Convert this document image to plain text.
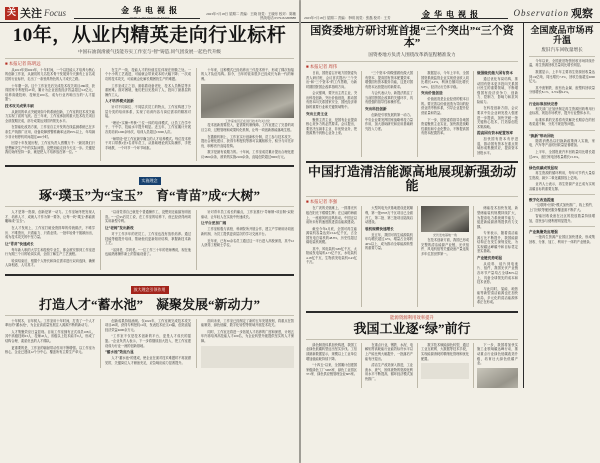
关 关注 Focus	2023年7月18日 星期二 责编：王晓 视觉：王晓东 校对：陈敏 热线电话 0579-82268888
金 华 电 视 报
JINHUA TELEVISION NEWS
10年，从业内精英走向行业标杆
中国石油润滑液气技能夯实工作室与“智”铸造,同气团发展一起色代升级
■ 本报记者 陈明远

从2013年到2023年，十年时间，一个以技能人才培养为核心的创新工作室，从最初的几名技术骨干发展到今天拥有上百名成员的行业标杆，走出了一条独具特色的人才成长之路。

十年磨一剑。这个工作室先后完成技术攻关项目286项，获得国家专利授权47项，累计为企业创造经济效益超过3.2亿元，培养高级技师、技师近200名，成为行业内响当当的“人才摇篮”。

技术攻关成果丰硕

从最初的单点突破到如今的系统创新，工作室的技术攻关能力实现了质的飞跃。近三年来，工作室承担的重大技术攻关项目全部按期完成，部分成果达到国内领先水平。

在智能化改造方面，工作室自主开发的在线监测系统已在多条生产线推广应用，设备故障预警准确率达到95%以上，年均减少非计划停机时间超过400小时。

回望十年发展历程，工作室负责人感慨万千：“最初我们只是想解决生产中的实际问题，没想到能走到今天这一步。关键是我们始终坚持一条，就是把人才培养放在第一位。”

在生产一线，技能人才的价值往往体现在细微之处。一个小小的工艺改进，可能就会带来成本的大幅下降；一次成功的技术攻关，可能就会化解长期困扰生产的难题。

工作室成立之初，面临着设备老化、技术人员断层等多重困难。面对困境，他们把目光投向了人，投向了最基层的操作工人。

人才培养模式创新

针对不同岗位、不同层次员工的特点，工作室构建了分层分类的培训体系，实现了培训内容与岗位需求的精准对接。

“理论+实操+考核”三位一体的培训模式，让员工在学中干、干中学，技能水平提升明显。近五年，工作室累计开展各类培训1200余场次，培训人员超过15000人次。

“师带徒”是工作室最早确立的人才培养模式。每位技术骨干对口带教2至3名青年员工，从基础理论到实际操作，手把手地教，一个环节一个环节地抠。

十年来，这种模式已经培养出三代技术骨干，形成了梯次衔接的人才队伍结构。如今，当年的徒弟很多已经成长为新一代的师傅。

工作室成员正在进行技术攻关讨论

技术创新需要投入，更需要机制保障。工作室建立了完善的项目立项、过程管理和成果转化机制，让每一项创新都能落地生根。

在激励机制上，工作室实行创新积分制，员工参与技术攻关、提出合理化建议、获得专利授权等都可以累积积分，积分与评先评优、职称晋升直接挂钩。

数字是最有说服力的。十年间，工作室成员累计提出合理化建议3800余条，被采纳实施2100余条，直接创效超过8000万元。

实施理念
琢“璞玉”为“宝玉”　育“青苗”成“大树”

人才是第一资源，创新是第一动力。工作室始终把发现人才、培养人才、成就人才作为第一要务，让每一块“璞玉”都能被雕琢成“宝玉”。

在人才发现上，工作室打破论资排辈的传统做法，不唯学历、不唯资历，只看能力、只看业绩。一批年轻骨干脱颖而出，成为技术攻关的中坚力量。

让“青苗”快速成长

每年新入职的大学生和技校毕业生，都会被安排到工作室进行为期三个月的轮岗实训，全面了解生产工艺流程。

轮岗结束后，根据个人特长和岗位需求进行双向选择，确保人岗相适、人尽其才。

“以前觉得自己就是个普通操作工，没想到还能搞发明创造。”一位95后员工说，在工作室的培养下，他已经获得两项实用新型专利。

让“老树”发出新枝

对于工作多年的老员工，工作室也没有放松培养。通过技能等级提升培训，帮助他们更新知识结构、掌握新技术新工艺。

“活到老，学到老。”一位工作三十年的老师傅说，现在他也能熟练操作新上的智能设备了。

针对青年员工成长的痛点，工作室推行“导师制+项目制”双轮驱动，让年轻人在实战中快速成长。

让平台更加广阔

工作室积极与高校、科研院所开展合作，建立产学研用协同创新机制，为员工提供更高层次的学习交流平台。

近年来，已有30余名员工通过这一平台进入高校深造，其中12人获得工程硕士学位。

放大理念引领作用
打造人才“蓄水池”　凝聚发展“新动力”

十年树木，百年树人。工作室用十年时间，打造了一个人才辈出的“蓄水池”，为企业高质量发展注入源源不断的新动力。

人才集聚效应日益显现。目前工作室拥有正式成员108人，其中高级技师23人、技师45人，省级以上技术能手9人，形成了结构合理、素质优良的人才梯队。

更重要的是，工作室的辐射带动作用不断增强。以工作室为核心，企业已建成12个分中心，覆盖所有主要生产单元。

创新成果持续涌现。仅2022年，工作室就完成技术攻关项目48项，获得专利授权11项，发表技术论文23篇，创造直接经济效益4600余万元。

“工作室不仅是技术创新的平台，更是人才成长的摇篮。”企业负责人表示，下一步将继续加大投入，把工作室建设成为行业一流的创新基地。

“蓄水池”效应凸显

人才“蓄水池”的建成，使企业在面对技术难题时不再捉襟见肘，关键岗位人才储备充足，应急响应能力显著提升。

面向未来，工作室已经制定了新的五年发展规划，将重点在智能制造、绿色低碳、数字化转型等领域开展技术攻关。

同时，工作室还将进一步拓展人才培养的广度和深度，计划五年内再培养高技能人才200名，为企业转型升级提供坚实的人才保障。

2023年7月18日 星期二 责编：李明 视觉：张磊 校对：王芳	Observation 观察
金 华 电 视 报
国资委地方研讨班首提“三个突出”“三个资本”
国资委地方负责人围绕改革新征程精准发力
■ 本报记者 周伟

日前，国资委召开地方国资委负责人研讨班，会议首次提出“三个突出”和“三个资本”的工作思路，为新时期国资国企改革指明方向。

会议强调，要突出主责主业，突出科技创新，突出价值创造，推动国有资本向关系国家安全、国民经济命脉的重要行业和关键领域集中。

突出主责主业

聚焦主责主业，是国有企业提高核心竞争力的必然要求。会议提出，要坚决压减非主业、非优势业务，把资源集中到核心业务上来。

“三个资本”即做强做优做大国有资本、提高国有资本配置效率、增强国有资本服务功能，这是对国有资本运营提出的新要求。

与会代表认为，新提法抓住了当前国资国企改革的关键环节，具有很强的指导性和操作性。

突出科技创新

创新是引领发展的第一动力。中央企业要发挥国家战略科技力量作用，加大基础研究和应用基础研究投入力度。

数据显示，今年上半年，全国国资系统监管企业实现营业收入同比增长4.2%，利润总额同比增长5.8%，经济运行总体平稳。

突出价值创造

价值创造是企业经营的根本目的。要完善以价值创造为导向的经营业绩考核体系，引导企业提升经营质量和效益。

下一步，国资委将指导各地国资委聚焦主业实业，加快推进战略性重组和专业化整合，不断提高国有资本配置效率。

做强做优做大国有资本

通过优化布局结构，推动国有资本更多投向关系国计民生的重要领域，不断增强国有经济竞争力、创新力、控制力、影响力和抗风险能力。

在科技创新方面，会议要求中央企业研发投入强度进一步提高，加快突破一批关键核心技术，打造原创技术策源地。

提高国有资本配置效率

加快国有资本有序进退，推动国有资本在重点领域形成集聚效应，提高资本回报水平。

中国打造清洁能源高地展现新强劲动能
■ 本报记者 李强

在广袤的戈壁滩上，一排排光伏板在阳光下熠熠生辉；在辽阔的海面上，一座座风机迎风转动。中国正以前所未有的速度推进清洁能源建设。

截至今年6月底，全国可再生能源装机容量达到13.22亿千瓦，占全国发电总装机的48.8%，历史性超过煤电装机规模。

其中，风电装机3.89亿千瓦，太阳能发电装机4.71亿千瓦，水电装机4.18亿千瓦，生物质发电装机0.43亿千瓦。

大型风电光伏基地建设进展顺利，第一批9705万千瓦项目已全面开工，第二批、第三批项目陆续启动建设。

装机规模快速增长

近五年，我国可再生能源装机年均增长超过12%，增量占全球的40%以上，成为推动全球能源转型的重要力量。

光伏发电基地一角

在技术创新方面，我国已形成完整的清洁能源产业链，光伏组件、风电机组等关键设备产量连续多年位居世界第一。

储能技术加快发展，新型储能装机规模持续扩大，为提高电力系统调节能力、促进新能源消纳提供有力支撑。

专家表示，随着清洁能源占比不断提升，我国能源结构正在发生深刻变化，为实现碳达峰碳中和目标奠定坚实基础。

产业链优势明显

从硅料、硅片到电池片、组件，我国光伏产业链各环节产量均占全球80%以上，具备全球领先的成本和技术优势。

与此同时，氢能、地热能等新型清洁能源也在加快布局，多元化的清洁能源体系正在形成。

能源资源利用效率提升
我国工业逐“绿”前行

绿色制造体系加快构建，我国工业绿色低碳转型迈出坚实步伐。工信部最新数据显示，规模以上工业单位增加值能耗持续下降。

“十四五”以来，全国累计创建国家级绿色工厂5095家、绿色工业园区371家、绿色供应链管理企业605家。

在重点行业，钢铁、水泥、电解铝等高耗能行业能效标杆水平以上产能比例大幅提升，一批落后产能有序退出。

清洁生产改造深入推进，工业废水、废气、固体废物的资源化利用水平不断提高，循环经济模式加快推广。

数字技术赋能绿色转型，通过工业互联网、大数据等技术手段，实现能源消耗的精细化管理和优化配置。

下一步，我国将加快实施工业领域碳达峰行动，推动重点行业绿色低碳改造升级，培育壮大绿色低碳产业。

全国废品市场再升温
废旧汽车回收量增长

今年以来，全国废旧物资回收市场持续升温，再生资源回收总量同比增长明显。

数据显示，上半年主要再生资源回收量达到1.9亿吨，同比增长7.3%，回收总值超过6000亿元。

其中废钢铁、废有色金属、废塑料回收量分别增长8.1%、6.5%和9.2%。

行业标准加快完善

相关部门正加快制定再生资源回收利用行业标准，规范市场秩序，提升行业整体水平。

标准体系的完善将有效解决长期存在的回收渠道不畅、分类不规范等问题。

“换新”带动回收

随着消费品以旧换新政策深入实施，家电、汽车等产品的回收量显著增加。

上半年，全国报废汽车回收量同比增长超过20%，废旧家电回收量增长15.6%。

绿色低碳成效显现

再生资源的循环利用，每年可节约大量原生资源，减少二氧化碳排放上亿吨。

业内人士表示，再生资源产业已成为实现双碳目标的重要支撑。

数字化改造提速

“互联网+回收”模式加快推广，线上预约、上门回收等便民服务覆盖面不断扩大。

智能回收设备在社区的投放数量持续增加，居民参与便利度明显提升。

产业集聚效应增强

一批再生资源产业园区加快建设，形成集回收、分拣、加工、利用于一体的产业链条。
